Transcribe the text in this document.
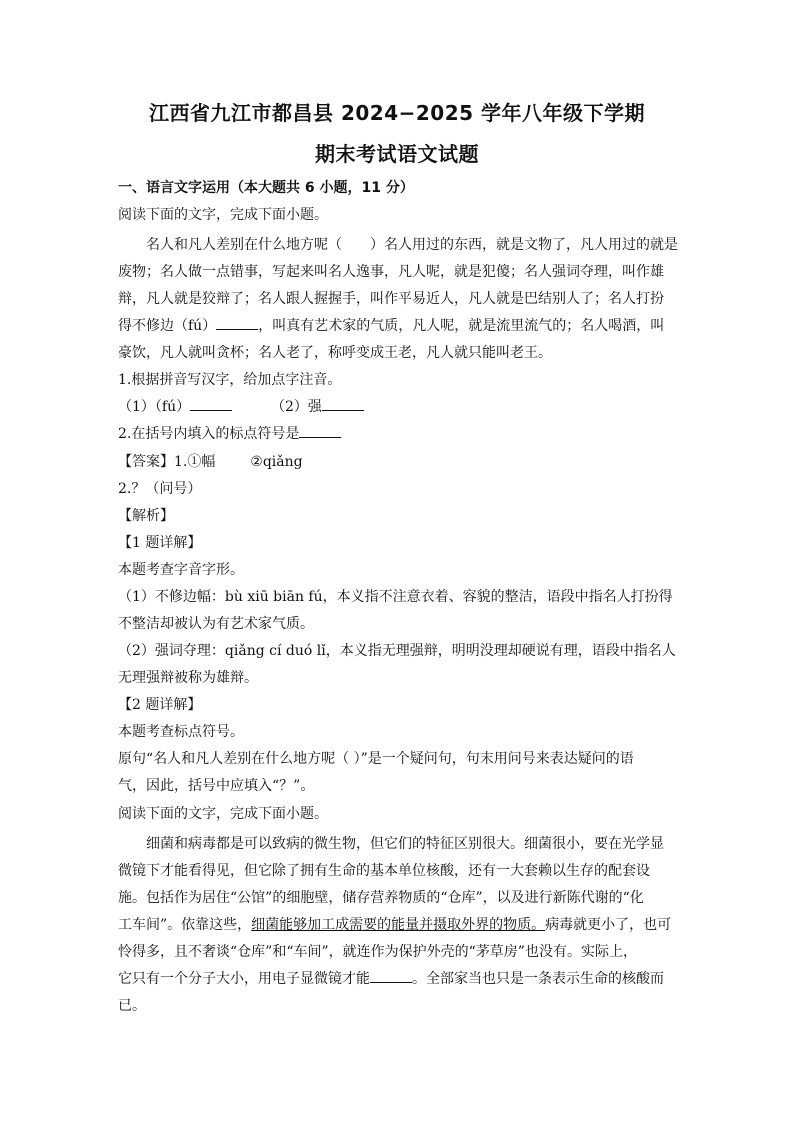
江西省九江市都昌县 2024−2025 学年八年级下学期
期末考试语文试题
一、语言文字运用（本大题共 6 小题，11 分）
阅读下面的文字，完成下面小题。
名人和凡人差别在什么地方呢（　　）名人用过的东西，就是文物了，凡人用过的就是
废物；名人做一点错事，写起来叫名人逸事，凡人呢，就是犯傻；名人强词夺理，叫作雄
辩，凡人就是狡辩了；名人跟人握握手，叫作平易近人，凡人就是巴结别人了；名人打扮
得不修边（fú）	，叫真有艺术家的气质，凡人呢，就是流里流气的；名人喝酒，叫
豪饮，凡人就叫贪杯；名人老了，称呼变成王老，凡人就只能叫老王。
1.根据拼音写汉字，给加点字注音。
（1）（fú）	（2）强
2.在括号内填入的标点符号是
【答案】1.①幅 ②qiǎng
2.？（问号）
【解析】
【1 题详解】
本题考查字音字形。
（1）不修边幅：bù xiū biān fú，本义指不注意衣着、容貌的整洁，语段中指名人打扮得
不整洁却被认为有艺术家气质。
（2）强词夺理：qiǎng cí duó lǐ，本义指无理强辩，明明没理却硬说有理，语段中指名人
无理强辩被称为雄辩。
【2 题详解】
本题考查标点符号。
原句“名人和凡人差别在什么地方呢（ ）”是一个疑问句，句末用问号来表达疑问的语
气，因此，括号中应填入“？”。
阅读下面的文字，完成下面小题。
细菌和病毒都是可以致病的微生物，但它们的特征区别很大。细菌很小，要在光学显
微镜下才能看得见，但它除了拥有生命的基本单位核酸，还有一大套赖以生存的配套设
施。包括作为居住“公馆”的细胞壁，储存营养物质的“仓库”，以及进行新陈代谢的“化
工车间”。依靠这些，细菌能够加工成需要的能量并摄取外界的物质。病毒就更小了，也可
怜得多，且不奢谈“仓库”和“车间”，就连作为保护外壳的“茅草房”也没有。实际上，
它只有一个分子大小，用电子显微镜才能	。全部家当也只是一条表示生命的核酸而
已。
